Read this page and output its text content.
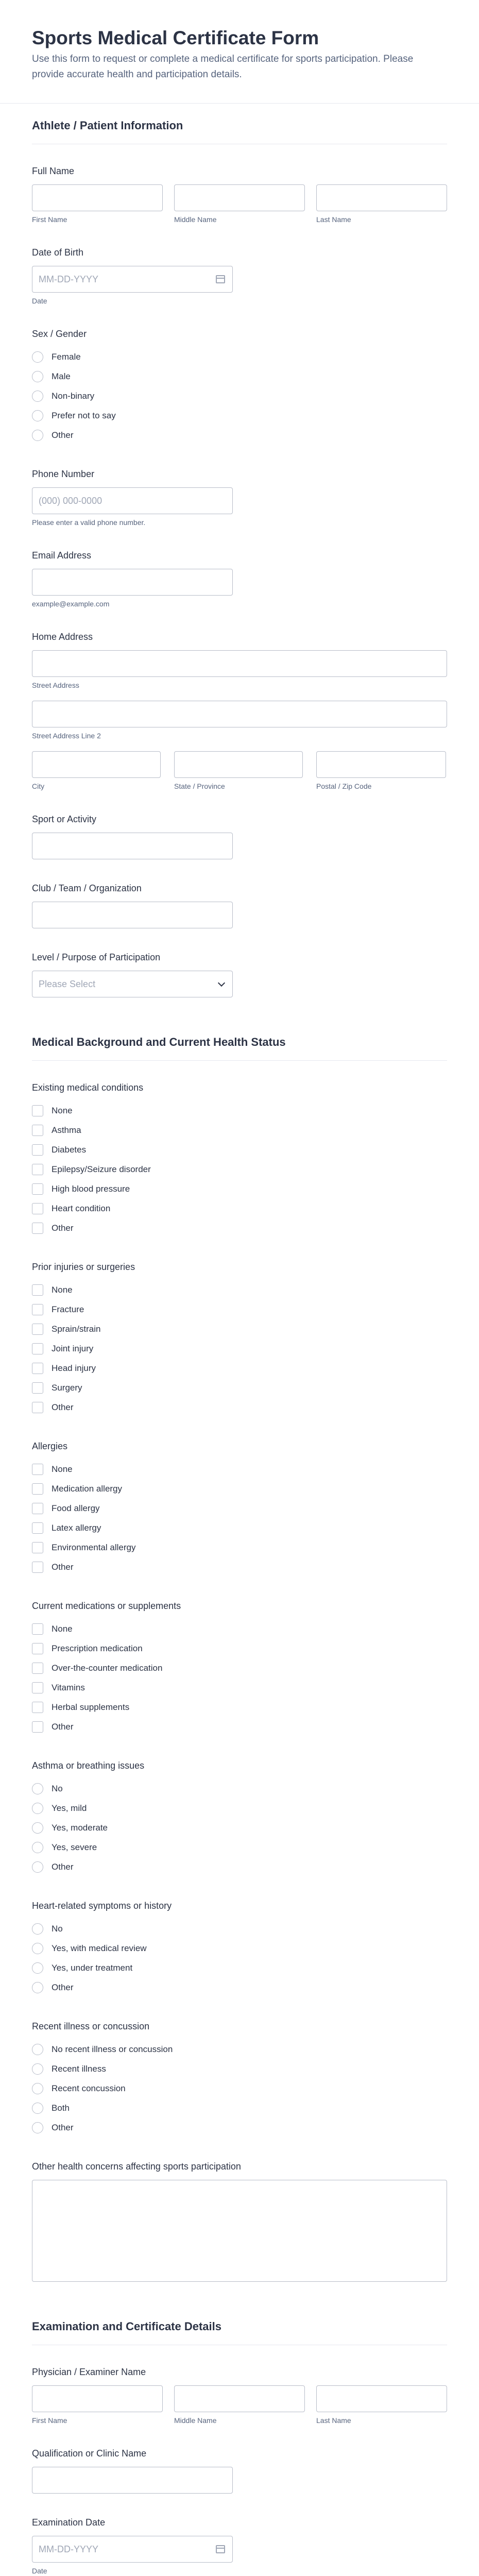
Sports Medical Certificate Form

Use this form to request or complete a medical certificate for sports participation. Please provide accurate health and participation details.

Athlete / Patient Information
Full Name
First Name	Middle Name	Last Name
Date of Birth
MM-DD-YYYY
Date
Sex / Gender
Female
Male
Non-binary
Prefer not to say
Other
Phone Number
(000) 000-0000
Please enter a valid phone number.
Email Address
example@example.com
Home Address
Street Address
Street Address Line 2
City	State / Province	Postal / Zip Code
Sport or Activity
Club / Team / Organization
Level / Purpose of Participation
Please Select
Medical Background and Current Health Status
Existing medical conditions
None
Asthma
Diabetes
Epilepsy/Seizure disorder
High blood pressure
Heart condition
Other
Prior injuries or surgeries
None
Fracture
Sprain/strain
Joint injury
Head injury
Surgery
Other
Allergies
None
Medication allergy
Food allergy
Latex allergy
Environmental allergy
Other
Current medications or supplements
None
Prescription medication
Over-the-counter medication
Vitamins
Herbal supplements
Other
Asthma or breathing issues
No
Yes, mild
Yes, moderate
Yes, severe
Other
Heart-related symptoms or history
No
Yes, with medical review
Yes, under treatment
Other
Recent illness or concussion
No recent illness or concussion
Recent illness
Recent concussion
Both
Other
Other health concerns affecting sports participation
Examination and Certificate Details
Physician / Examiner Name
First Name	Middle Name	Last Name
Qualification or Clinic Name
Examination Date
MM-DD-YYYY
Date
